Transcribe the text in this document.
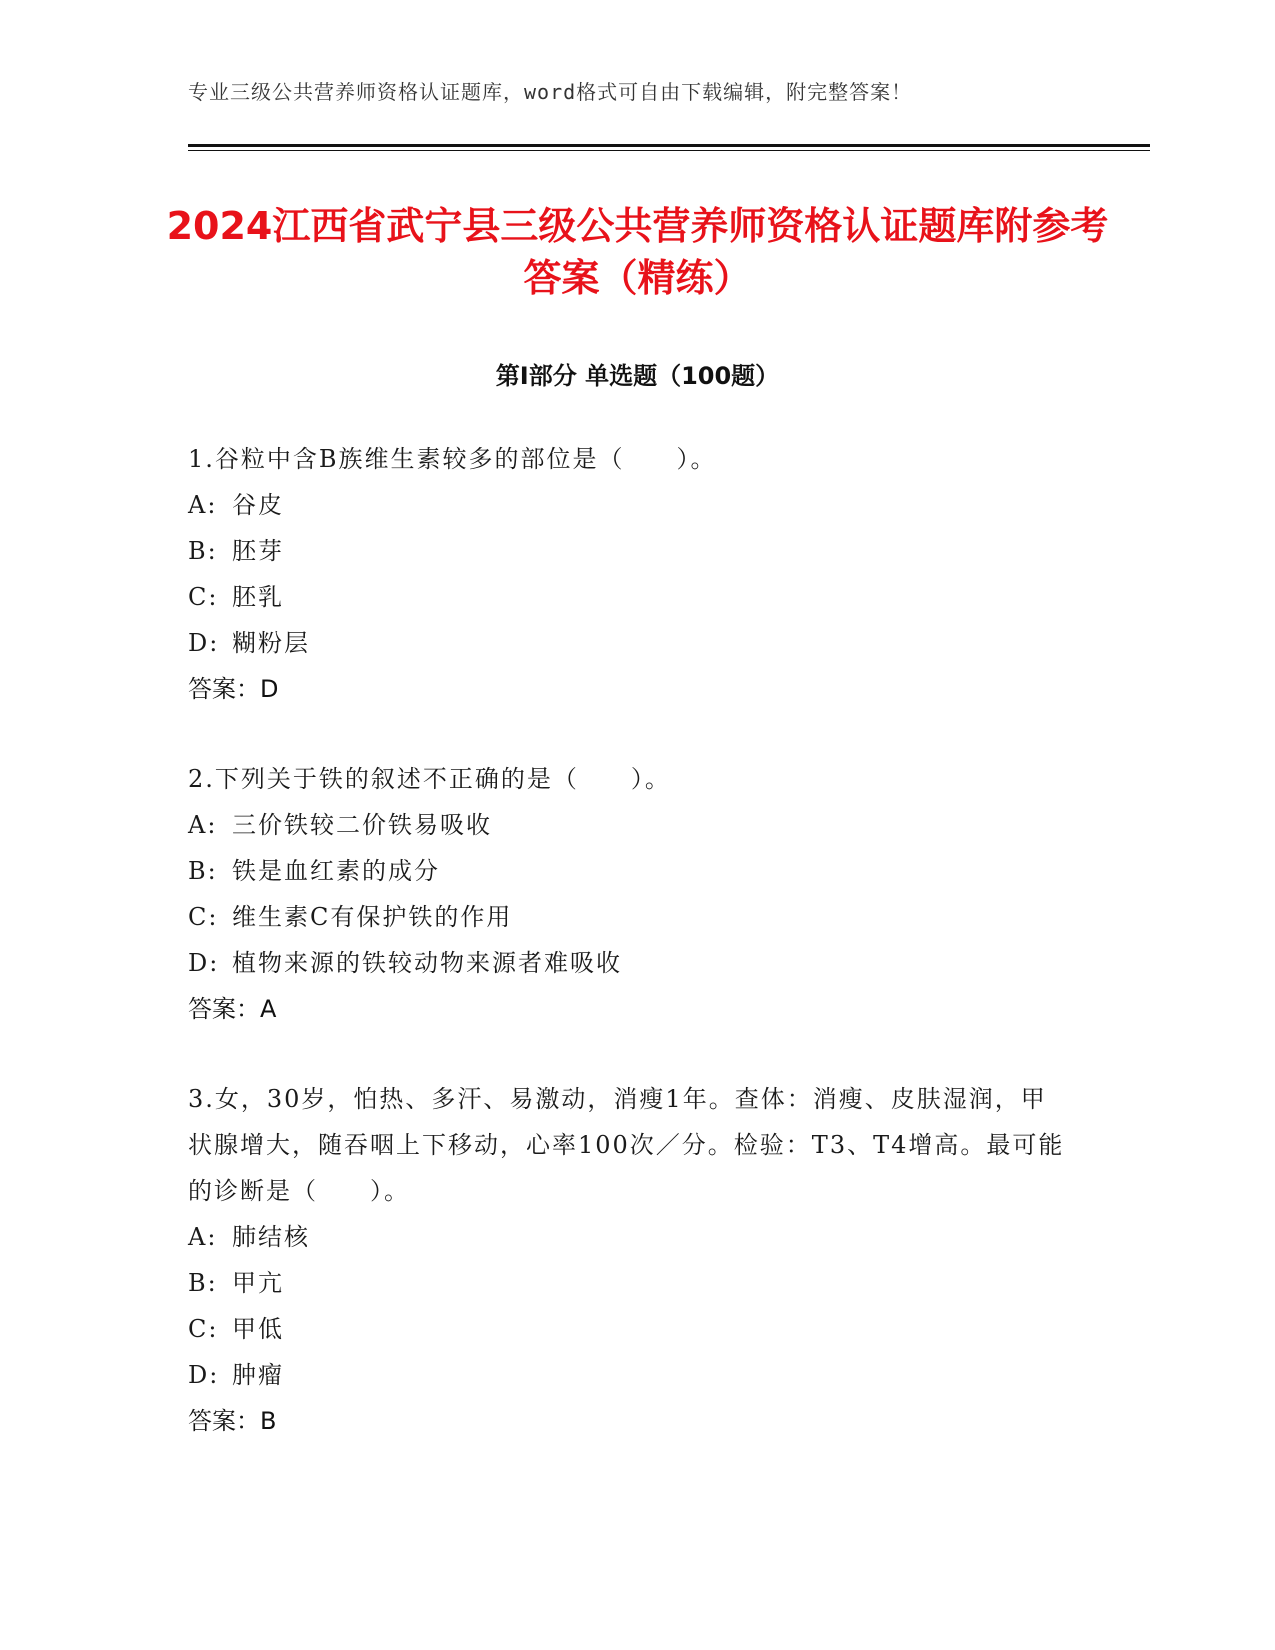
专业三级公共营养师资格认证题库，word格式可自由下载编辑，附完整答案！
2024江西省武宁县三级公共营养师资格认证题库附参考答案（精练）
第Ⅰ部分 单选题（100题）

1.谷粒中含B族维生素较多的部位是（　　）。

A: 谷皮

B: 胚芽

C: 胚乳

D: 糊粉层

答案：D

2.下列关于铁的叙述不正确的是（　　）。

A: 三价铁较二价铁易吸收

B: 铁是血红素的成分

C: 维生素C有保护铁的作用

D: 植物来源的铁较动物来源者难吸收

答案：A

3.女，30岁，怕热、多汗、易激动，消瘦1年。查体：消瘦、皮肤湿润，甲状腺增大，随吞咽上下移动，心率100次／分。检验：T3、T4增高。最可能的诊断是（　　）。

A: 肺结核

B: 甲亢

C: 甲低

D: 肿瘤

答案：B
